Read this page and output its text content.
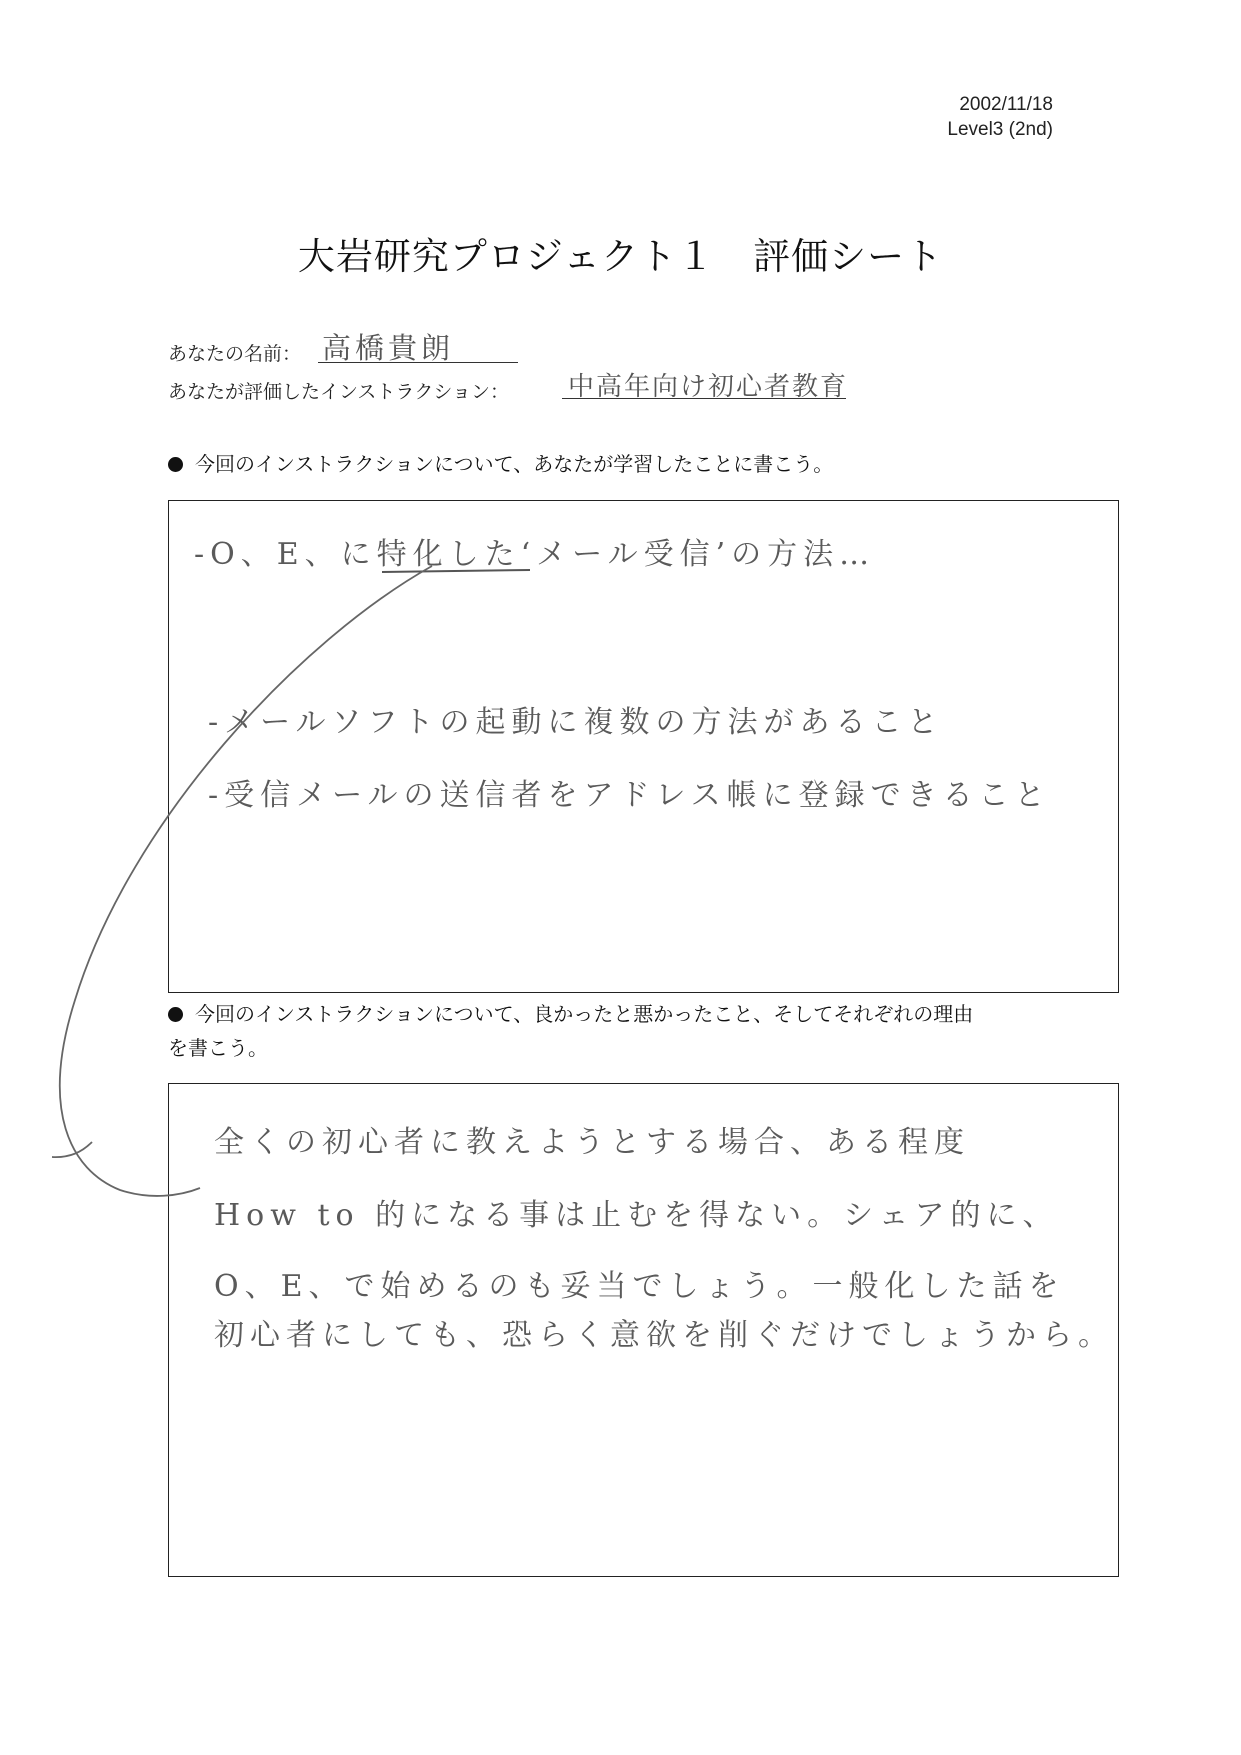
2002/11/18
Level3 (2nd)
大岩研究プロジェクト１　評価シート
あなたの名前： 高橋貴朗
あなたが評価したインストラクション： 中高年向け初心者教育
今回のインストラクションについて、あなたが学習したことに書こう。
-O、E、に特化した‘メール受信’の方法…
-メールソフトの起動に複数の方法があること
-受信メールの送信者をアドレス帳に登録できること
今回のインストラクションについて、良かったと悪かったこと、そしてそれぞれの理由
を書こう。
全くの初心者に教えようとする場合、ある程度
How to 的になる事は止むを得ない。シェア的に、
O、E、で始めるのも妥当でしょう。一般化した話を
初心者にしても、恐らく意欲を削ぐだけでしょうから。
